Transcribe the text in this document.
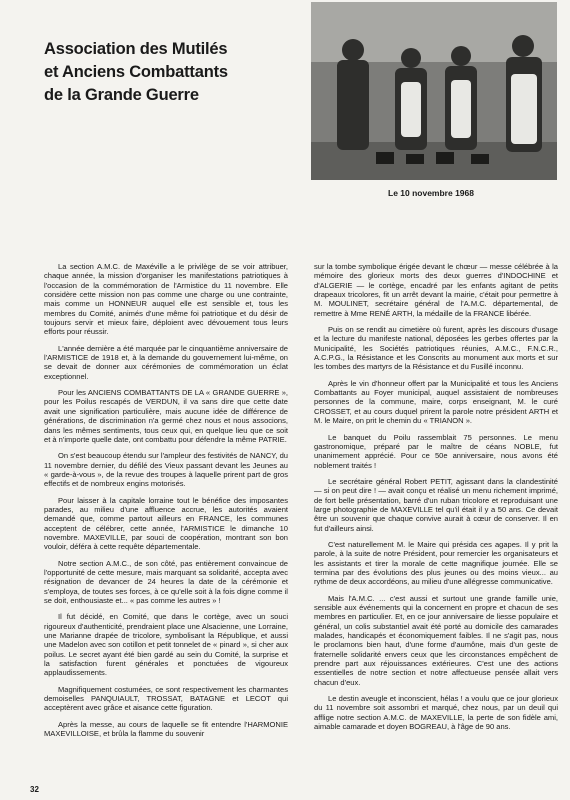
Association des Mutilés
et Anciens Combattants
de la Grande Guerre
Le 10 novembre 1968

La section A.M.C. de Maxéville a le privilège de se voir attribuer, chaque année, la mission d'organiser les manifestations patriotiques à l'occasion de la commémoration de l'Armistice du 11 novembre. Elle considère cette mission non pas comme une charge ou une contrainte, mais comme un HONNEUR auquel elle est sensible et, tous les membres du Comité, animés d'une même foi patriotique et du désir de toujours servir et mieux faire, déploient avec dévouement tous leurs efforts pour réussir.

L'année dernière a été marquée par le cinquantième anniversaire de l'ARMISTICE de 1918 et, à la demande du gouvernement lui-même, on se devait de donner aux cérémonies de commémoration un éclat exceptionnel.

Pour les ANCIENS COMBATTANTS DE LA « GRANDE GUERRE », pour les Poilus rescapés de VERDUN, il va sans dire que cette date avait une signification particulière, mais aucune idée de différence de générations, de discrimination n'a germé chez nous et nous associons, dans les mêmes sentiments, tous ceux qui, en quelque lieu que ce soit et à n'importe quelle date, ont combattu pour défendre la même PATRIE.

On s'est beaucoup étendu sur l'ampleur des festivités de NANCY, du 11 novembre dernier, du défilé des Vieux passant devant les Jeunes au « garde-à-vous », de la revue des troupes à laquelle prirent part de gros effectifs et de nombreux engins motorisés.

Pour laisser à la capitale lorraine tout le bénéfice des imposantes parades, au milieu d'une affluence accrue, les autorités avaient demandé que, comme partout ailleurs en FRANCE, les communes acceptent de célébrer, cette année, l'ARMISTICE le dimanche 10 novembre. MAXEVILLE, par souci de coopération, montrant son bon vouloir, déféra à cette requête départementale.

Notre section A.M.C., de son côté, pas entièrement convaincue de l'opportunité de cette mesure, mais marquant sa solidarité, accepta avec résignation de devancer de 24 heures la date de la cérémonie et s'employa, de toutes ses forces, à ce qu'elle soit à la fois digne comme il se doit, enthousiaste et... « pas comme les autres » !

Il fut décidé, en Comité, que dans le cortège, avec un souci rigoureux d'authenticité, prendraient place une Alsacienne, une Lorraine, une Marianne drapée de tricolore, symbolisant la République, et aussi une Madelon avec son cotillon et petit tonnelet de « pinard », si cher aux poilus. Le secret ayant été bien gardé au sein du Comité, la surprise et la satisfaction furent générales et ponctuées de vigoureux applaudissements.

Magnifiquement costumées, ce sont respectivement les charmantes demoiselles PANQUIAULT, TROSSAT, BATAGNE et LECOT qui acceptèrent avec grâce et aisance cette figuration.

Après la messe, au cours de laquelle se fit entendre l'HARMONIE MAXEVILLOISE, et brûla la flamme du souvenir

sur la tombe symbolique érigée devant le chœur — messe célébrée à la mémoire des glorieux morts des deux guerres d'INDOCHINE et d'ALGERIE — le cortège, encadré par les enfants agitant de petits drapeaux tricolores, fit un arrêt devant la mairie, c'était pour permettre à M. MOULINET, secrétaire général de l'A.M.C. départemental, de remettre à Mme RENÉ ARTH, la médaille de la FRANCE libérée.

Puis on se rendit au cimetière où furent, après les discours d'usage et la lecture du manifeste national, déposées les gerbes offertes par la Municipalité, les Sociétés patriotiques réunies, A.M.C., F.N.C.R., A.C.P.G., la Résistance et les Conscrits au monument aux morts et sur les tombes des martyrs de la Résistance et du Fusillé inconnu.

Après le vin d'honneur offert par la Municipalité et tous les Anciens Combattants au Foyer municipal, auquel assistaient de nombreuses personnes de la commune, maire, corps enseignant, M. le curé CROSSET, et au cours duquel prirent la parole notre président ARTH et M. le Maire, on prit le chemin du « TRIANON ».

Le banquet du Poilu rassemblait 75 personnes. Le menu gastronomique, préparé par le maître de céans NOBLE, fut unanimement apprécié. Pour ce 50e anniversaire, nous avons été noblement traités !

Le secrétaire général Robert PETIT, agissant dans la clandestinité — si on peut dire ! — avait conçu et réalisé un menu richement imprimé, de fort belle présentation, barré d'un ruban tricolore et reproduisant une large photographie de MAXEVILLE tel qu'il était il y a 50 ans. Ce devait être un souvenir que chaque convive aurait à cœur de conserver. Il en fut d'ailleurs ainsi.

C'est naturellement M. le Maire qui présida ces agapes. Il y prit la parole, à la suite de notre Président, pour remercier les organisateurs et les assistants et tirer la morale de cette magnifique journée. Elle se termina par des évolutions des plus jeunes ou des moins vieux... au rythme de deux accordéons, au milieu d'une allégresse communicative.

Mais l'A.M.C. ... c'est aussi et surtout une grande famille unie, sensible aux événements qui la concernent en propre et chacun de ses membres en particulier. Et, en ce jour anniversaire de liesse populaire et général, un colis substantiel avait été porté au domicile des camarades malades, handicapés et économiquement faibles. Il ne s'agit pas, nous le proclamons bien haut, d'une forme d'aumône, mais d'un geste de fraternelle solidarité envers ceux que les circonstances empêchent de prendre part aux réjouissances extérieures. C'est une des actions essentielles de notre section et notre affectueuse pensée allait vers chacun d'eux.

Le destin aveugle et inconscient, hélas ! a voulu que ce jour glorieux du 11 novembre soit assombri et marqué, chez nous, par un deuil qui afflige notre section A.M.C. de MAXEVILLE, la perte de son fidèle ami, aimable camarade et doyen BOGREAU, à l'âge de 90 ans.

32
